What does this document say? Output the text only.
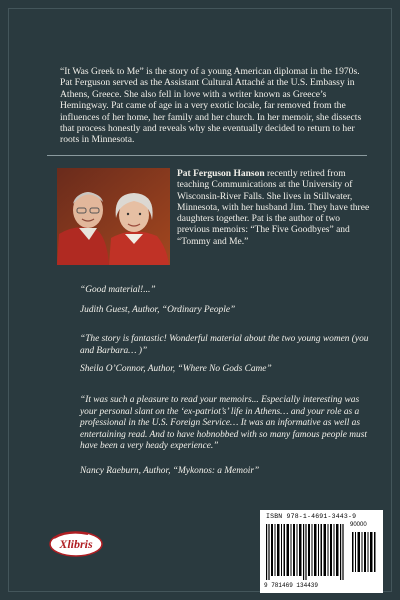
“It Was Greek to Me” is the story of a young American diplomat in the 1970s. Pat Ferguson served as the Assistant Cultural Attaché at the U.S. Embassy in Athens, Greece. She also fell in love with a writer known as Greece’s Hemingway. Pat came of age in a very exotic locale, far removed from the influences of her home, her family and her church. In her memoir, she dissects that process honestly and reveals why she eventually decided to return to her roots in Minnesota.

Pat Ferguson Hanson recently retired from teaching Communications at the University of Wisconsin-River Falls. She lives in Stillwater, Minnesota, with her husband Jim. They have three daughters together. Pat is the author of two previous memoirs: “The Five Goodbyes” and “Tommy and Me.”

“Good material!...”

Judith Guest, Author, “Ordinary People”

“The story is fantastic! Wonderful material about the two young women (you and Barbara… )”

Sheila O’Connor, Author, “Where No Gods Came”

“It was such a pleasure to read your memoirs... Especially interesting was your personal slant on the ‘ex-patriot’s’ life in Athens… and your role as a professional in the U.S. Foreign Service… It was an informative as well as entertaining read. And to have hobnobbed with so many famous people must have been a very heady experience.”

Nancy Raeburn, Author, “Mykonos: a Memoir”

Xlibris
ISBN 978-1-4691-3443-9
90000
9 781469 134439
